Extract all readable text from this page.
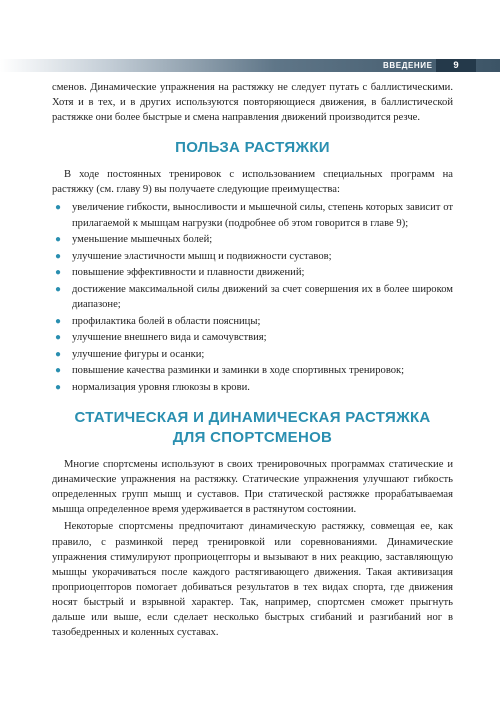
ВВЕДЕНИЕ	9

сменов. Динамические упражнения на растяжку не следует путать с баллистическими. Хотя и в тех, и в других используются повторяющиеся движения, в баллистической растяжке они более быстрые и смена направления движений производится резче.

ПОЛЬЗА РАСТЯЖКИ

В ходе постоянных тренировок с использованием специальных программ на растяжку (см. главу 9) вы получаете следующие преимущества:

● увеличение гибкости, выносливости и мышечной силы, степень которых зависит от прилагаемой к мышцам нагрузки (подробнее об этом говорится в главе 9);
● уменьшение мышечных болей;
● улучшение эластичности мышц и подвижности суставов;
● повышение эффективности и плавности движений;
● достижение максимальной силы движений за счет совершения их в более широком диапазоне;
● профилактика болей в области поясницы;
● улучшение внешнего вида и самочувствия;
● улучшение фигуры и осанки;
● повышение качества разминки и заминки в ходе спортивных тренировок;
● нормализация уровня глюкозы в крови.
СТАТИЧЕСКАЯ И ДИНАМИЧЕСКАЯ РАСТЯЖКА
ДЛЯ СПОРТСМЕНОВ

Многие спортсмены используют в своих тренировочных программах статические и динамические упражнения на растяжку. Статические упражнения улучшают гибкость определенных групп мышц и суставов. При статической растяжке прорабатываемая мышца определенное время удерживается в растянутом состоянии.

Некоторые спортсмены предпочитают динамическую растяжку, совмещая ее, как правило, с разминкой перед тренировкой или соревнованиями. Динамические упражнения стимулируют проприоцепторы и вызывают в них реакцию, заставляющую мышцы укорачиваться после каждого растягивающего движения. Такая активизация проприоцепторов помогает добиваться результатов в тех видах спорта, где движения носят быстрый и взрывной характер. Так, например, спортсмен сможет прыгнуть дальше или выше, если сделает несколько быстрых сгибаний и разгибаний ног в тазобедренных и коленных суставах.
